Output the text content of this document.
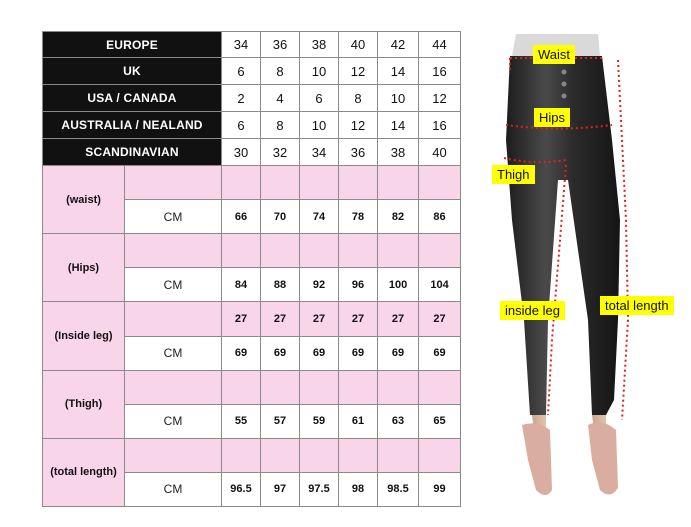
EUROPE		34	36	38	40	42	44
UK		6	8	10	12	14	16
USA / CANADA		2	4	6	8	10	12
AUSTRALIA / NEALAND		6	8	10	12	14	16
SCANDINAVIAN		30	32	34	36	38	40
(waist)							
	CM	66	70	74	78	82	86
(Hips)							
	CM	84	88	92	96	100	104
(Inside leg)		27	27	27	27	27	27
	CM	69	69	69	69	69	69
(Thigh)							
	CM	55	57	59	61	63	65
(total length)							
	CM	96.5	97	97.5	98	98.5	99
Waist
Hips
Thigh
inside leg	total length
